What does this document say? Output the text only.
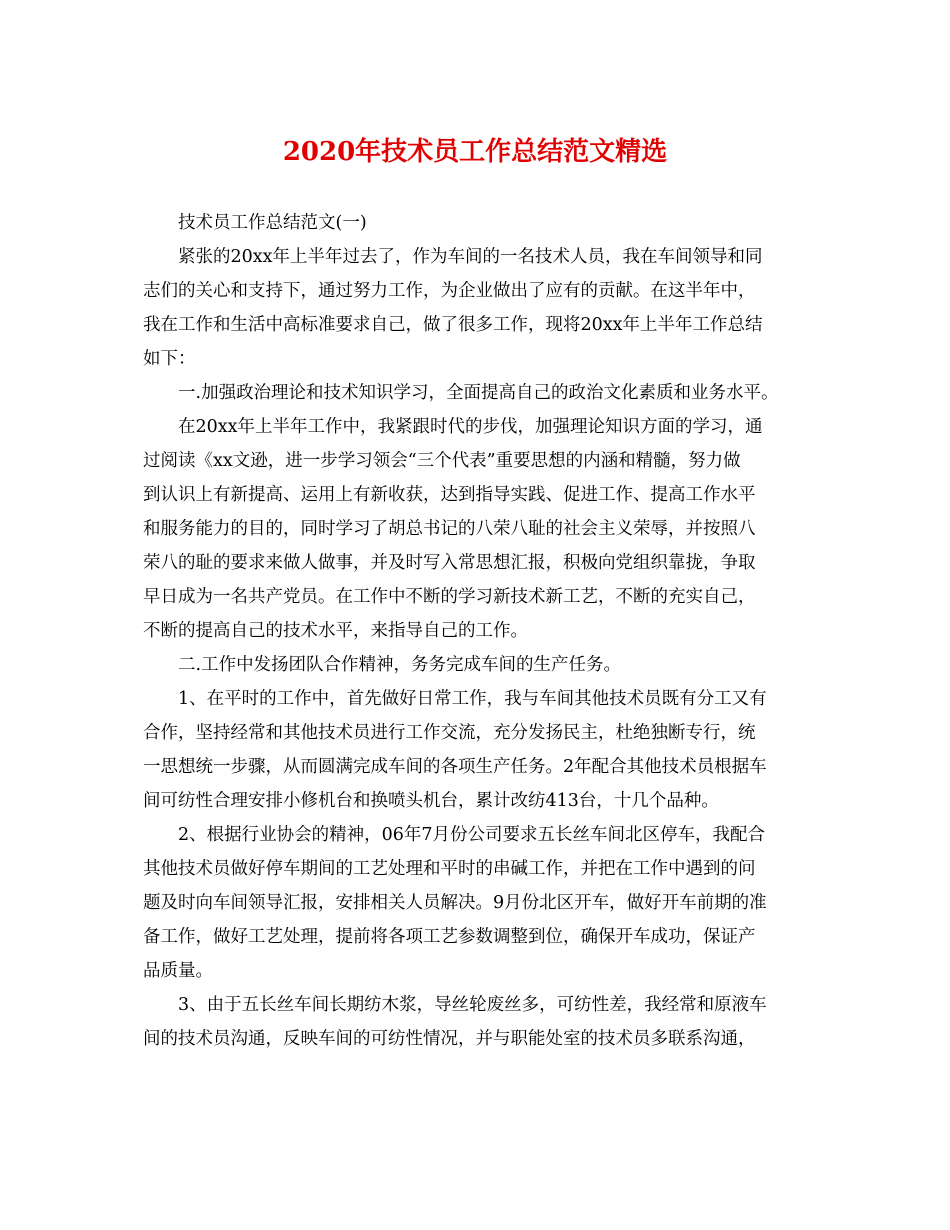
2020年技术员工作总结范文精选
技术员工作总结范文(一)
紧张的20xx年上半年过去了，作为车间的一名技术人员，我在车间领导和同
志们的关心和支持下，通过努力工作，为企业做出了应有的贡献。在这半年中，
我在工作和生活中高标准要求自己，做了很多工作，现将20xx年上半年工作总结
如下：
一.加强政治理论和技术知识学习，全面提高自己的政治文化素质和业务水平。
在20xx年上半年工作中，我紧跟时代的步伐，加强理论知识方面的学习，通
过阅读《xx文逊，进一步学习领会“三个代表”重要思想的内涵和精髓，努力做
到认识上有新提高、运用上有新收获，达到指导实践、促进工作、提高工作水平
和服务能力的目的，同时学习了胡总书记的八荣八耻的社会主义荣辱，并按照八
荣八的耻的要求来做人做事，并及时写入常思想汇报，积极向党组织靠拢，争取
早日成为一名共产党员。在工作中不断的学习新技术新工艺，不断的充实自己，
不断的提高自己的技术水平，来指导自己的工作。
二.工作中发扬团队合作精神，务务完成车间的生产任务。
1、在平时的工作中，首先做好日常工作，我与车间其他技术员既有分工又有
合作，坚持经常和其他技术员进行工作交流，充分发扬民主，杜绝独断专行，统
一思想统一步骤，从而圆满完成车间的各项生产任务。2年配合其他技术员根据车
间可纺性合理安排小修机台和换喷头机台，累计改纺413台，十几个品种。
2、根据行业协会的精神，06年7月份公司要求五长丝车间北区停车，我配合
其他技术员做好停车期间的工艺处理和平时的串碱工作，并把在工作中遇到的问
题及时向车间领导汇报，安排相关人员解决。9月份北区开车，做好开车前期的准
备工作，做好工艺处理，提前将各项工艺参数调整到位，确保开车成功，保证产
品质量。
3、由于五长丝车间长期纺木浆，导丝轮废丝多，可纺性差，我经常和原液车
间的技术员沟通，反映车间的可纺性情况，并与职能处室的技术员多联系沟通，
